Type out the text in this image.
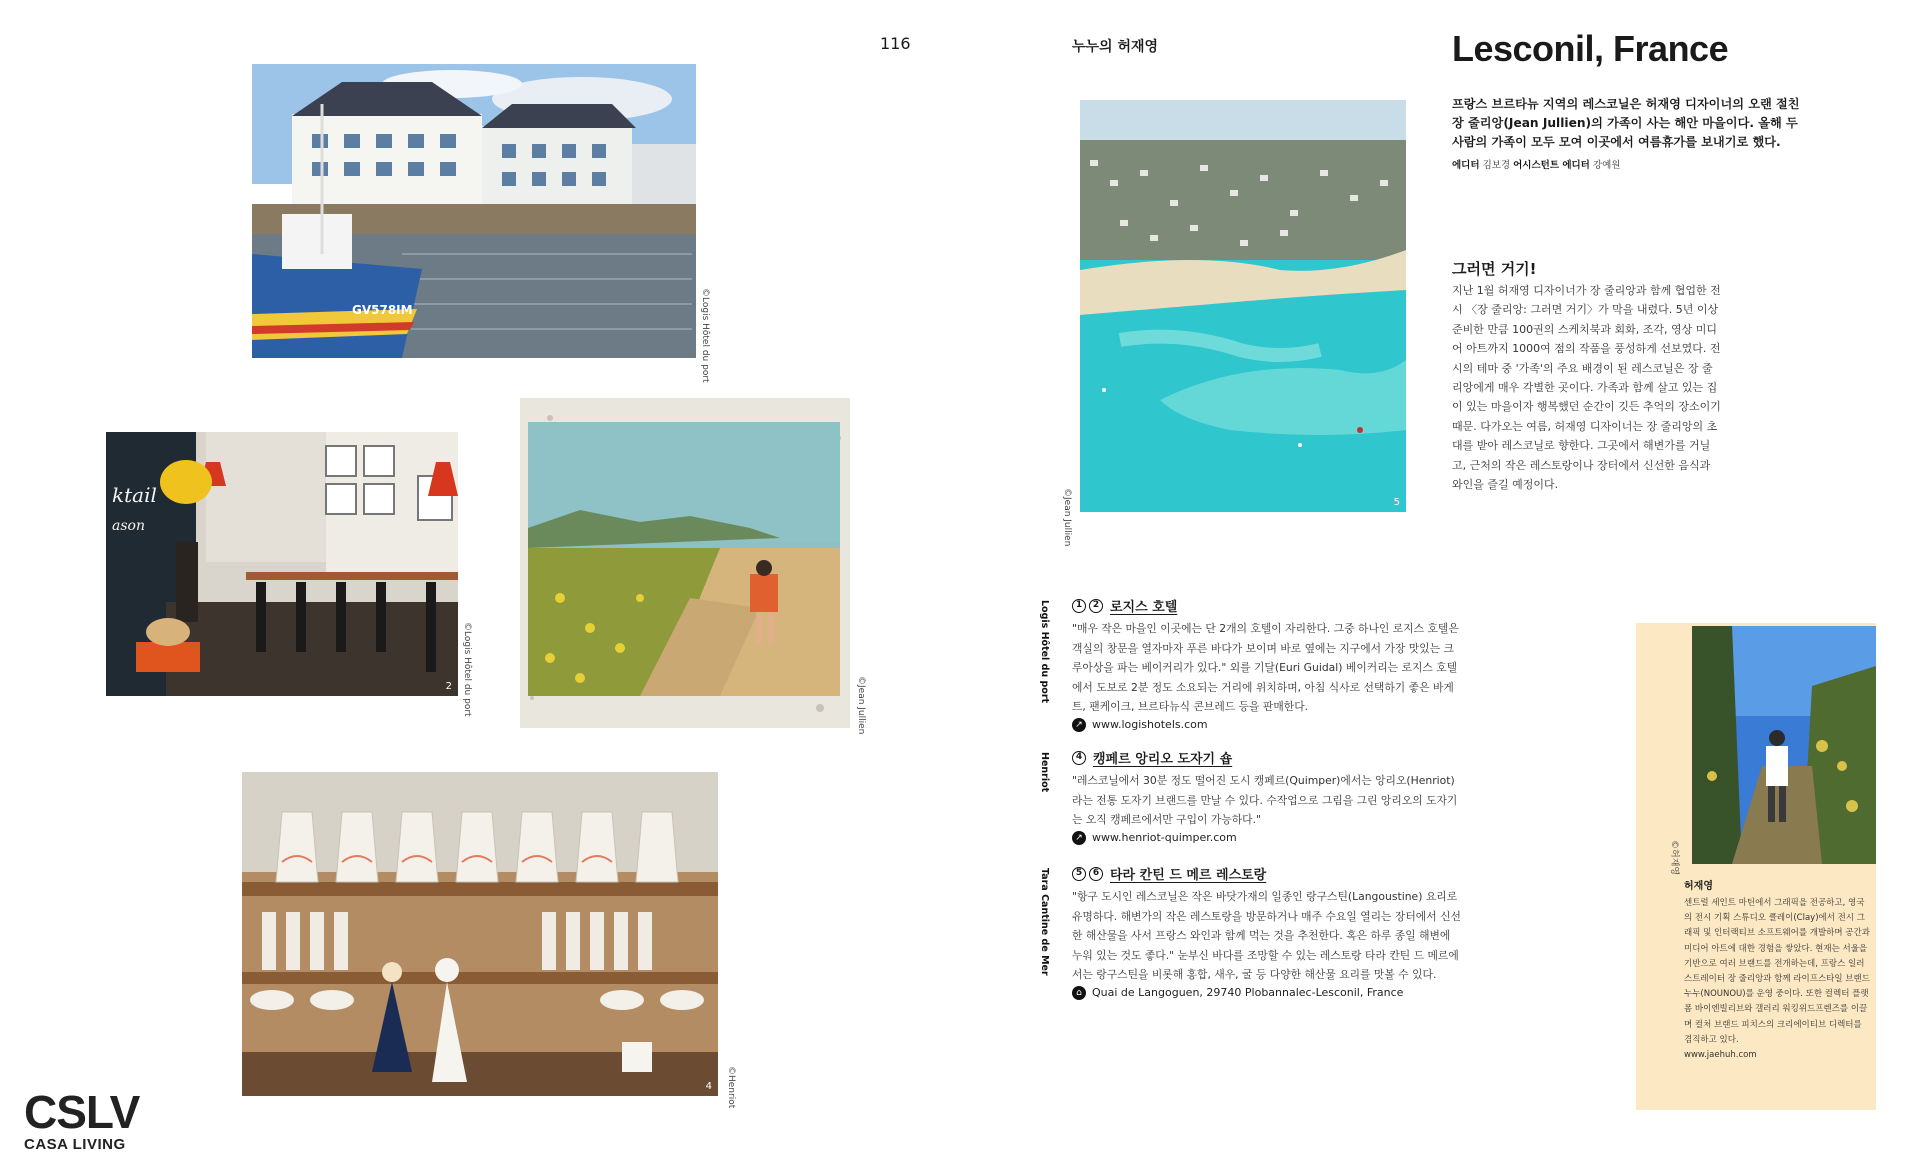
GV578IM	©Logis Hôtel du port
ktail
ason
2 ©Logis Hôtel du port	©Jean Jullien
4 ©Henriot
116
CSLV
CASA LIVING
누누의 허재영
5
©Jean Jullien
Lesconil, France
프랑스 브르타뉴 지역의 레스코닐은 허재영 디자이너의 오랜 절친 장 줄리앙(Jean Jullien)의 가족이 사는 해안 마을이다. 올해 두 사람의 가족이 모두 모여 이곳에서 여름휴가를 보내기로 했다.
에디터 김보경 어시스턴트 에디터 강예원
그러면 거기!
지난 1월 허재영 디자이너가 장 줄리앙과 함께 협업한 전시 〈장 줄리앙: 그러면 거기〉가 막을 내렸다. 5년 이상 준비한 만큼 100권의 스케치북과 회화, 조각, 영상 미디어 아트까지 1000여 점의 작품을 풍성하게 선보였다. 전시의 테마 중 '가족'의 주요 배경이 된 레스코닐은 장 줄리앙에게 매우 각별한 곳이다. 가족과 함께 살고 있는 집이 있는 마을이자 행복했던 순간이 깃든 추억의 장소이기 때문. 다가오는 여름, 허재영 디자이너는 장 줄리앙의 초대를 받아 레스코닐로 향한다. 그곳에서 해변가를 거닐고, 근처의 작은 레스토랑이나 장터에서 신선한 음식과 와인을 즐길 예정이다.
Logis Hôtel du port	1	2 로지스 호텔
"매우 작은 마을인 이곳에는 단 2개의 호텔이 자리한다. 그중 하나인 로지스 호텔은 객실의 창문을 열자마자 푸른 바다가 보이며 바로 옆에는 지구에서 가장 맛있는 크루아상을 파는 베이커리가 있다." 외를 기달(Euri Guidal) 베이커리는 로지스 호텔에서 도보로 2분 정도 소요되는 거리에 위치하며, 아침 식사로 선택하기 좋은 바게트, 팬케이크, 브르타뉴식 콘브레드 등을 판매한다.
↗ www.logishotels.com
Henriot	4 캥페르 앙리오 도자기 숍
"레스코닐에서 30분 정도 떨어진 도시 캥페르(Quimper)에서는 앙리오(Henriot)라는 전통 도자기 브랜드를 만날 수 있다. 수작업으로 그림을 그린 앙리오의 도자기는 오직 캥페르에서만 구입이 가능하다."
↗ www.henriot-quimper.com
Tara Cantine de Mer	5	6 타라 칸틴 드 메르 레스토랑
"항구 도시인 레스코닐은 작은 바닷가재의 일종인 랑구스틴(Langoustine) 요리로 유명하다. 해변가의 작은 레스토랑을 방문하거나 매주 수요일 열리는 장터에서 신선한 해산물을 사서 프랑스 와인과 함께 먹는 것을 추천한다. 혹은 하루 종일 해변에 누워 있는 것도 좋다." 눈부신 바다를 조망할 수 있는 레스토랑 타라 칸틴 드 메르에서는 랑구스틴을 비롯해 홍합, 새우, 굴 등 다양한 해산물 요리를 맛볼 수 있다.
⌂ Quai de Langoguen, 29740 Plobannalec-Lesconil, France
©허재영
허재영
센트럴 세인트 마틴에서 그래픽을 전공하고, 영국의 전시 기획 스튜디오 클레이(Clay)에서 전시 그래픽 및 인터랙티브 소프트웨어를 개발하며 공간과 미디어 아트에 대한 경험을 쌓았다. 현재는 서울을 기반으로 여러 브랜드를 전개하는데, 프랑스 일러스트레이터 장 줄리앙과 함께 라이프스타일 브랜드 누누(NOUNOU)를 운영 중이다. 또한 컬렉터 플랫폼 바이엔빌리브와 갤러리 워킹위드프렌즈를 이끌며 컬처 브랜드 피치스의 크리에이티브 디렉터를 겸직하고 있다.
www.jaehuh.com
